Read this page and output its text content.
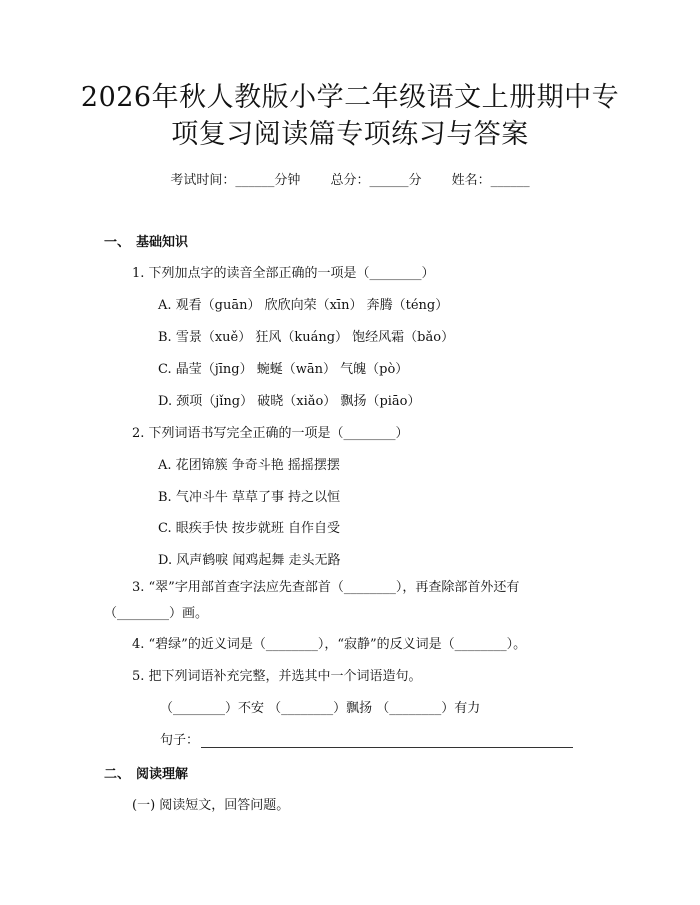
2026年秋人教版小学二年级语文上册期中专
项复习阅读篇专项练习与答案
考试时间：______分钟 总分：______分 姓名：______
一、 基础知识
1. 下列加点字的读音全部正确的一项是（________）
A. 观看（guān） 欣欣向荣（xīn） 奔腾（téng）
B. 雪景（xuě） 狂风（kuáng） 饱经风霜（bǎo）
C. 晶莹（jīng） 蜿蜒（wān） 气魄（pò）
D. 颈项（jǐng） 破晓（xiǎo） 飘扬（piāo）
2. 下列词语书写完全正确的一项是（________）
A. 花团锦簇 争奇斗艳 摇摇摆摆
B. 气冲斗牛 草草了事 持之以恒
C. 眼疾手快 按步就班 自作自受
D. 风声鹤唳 闻鸡起舞 走头无路
3. “翠”字用部首查字法应先查部首（________），再查除部首外还有（________）画。
4. “碧绿”的近义词是（________），“寂静”的反义词是（________）。
5. 把下列词语补充完整，并选其中一个词语造句。
（________）不安 （________）飘扬 （________）有力
句子：
二、 阅读理解
(一) 阅读短文，回答问题。
